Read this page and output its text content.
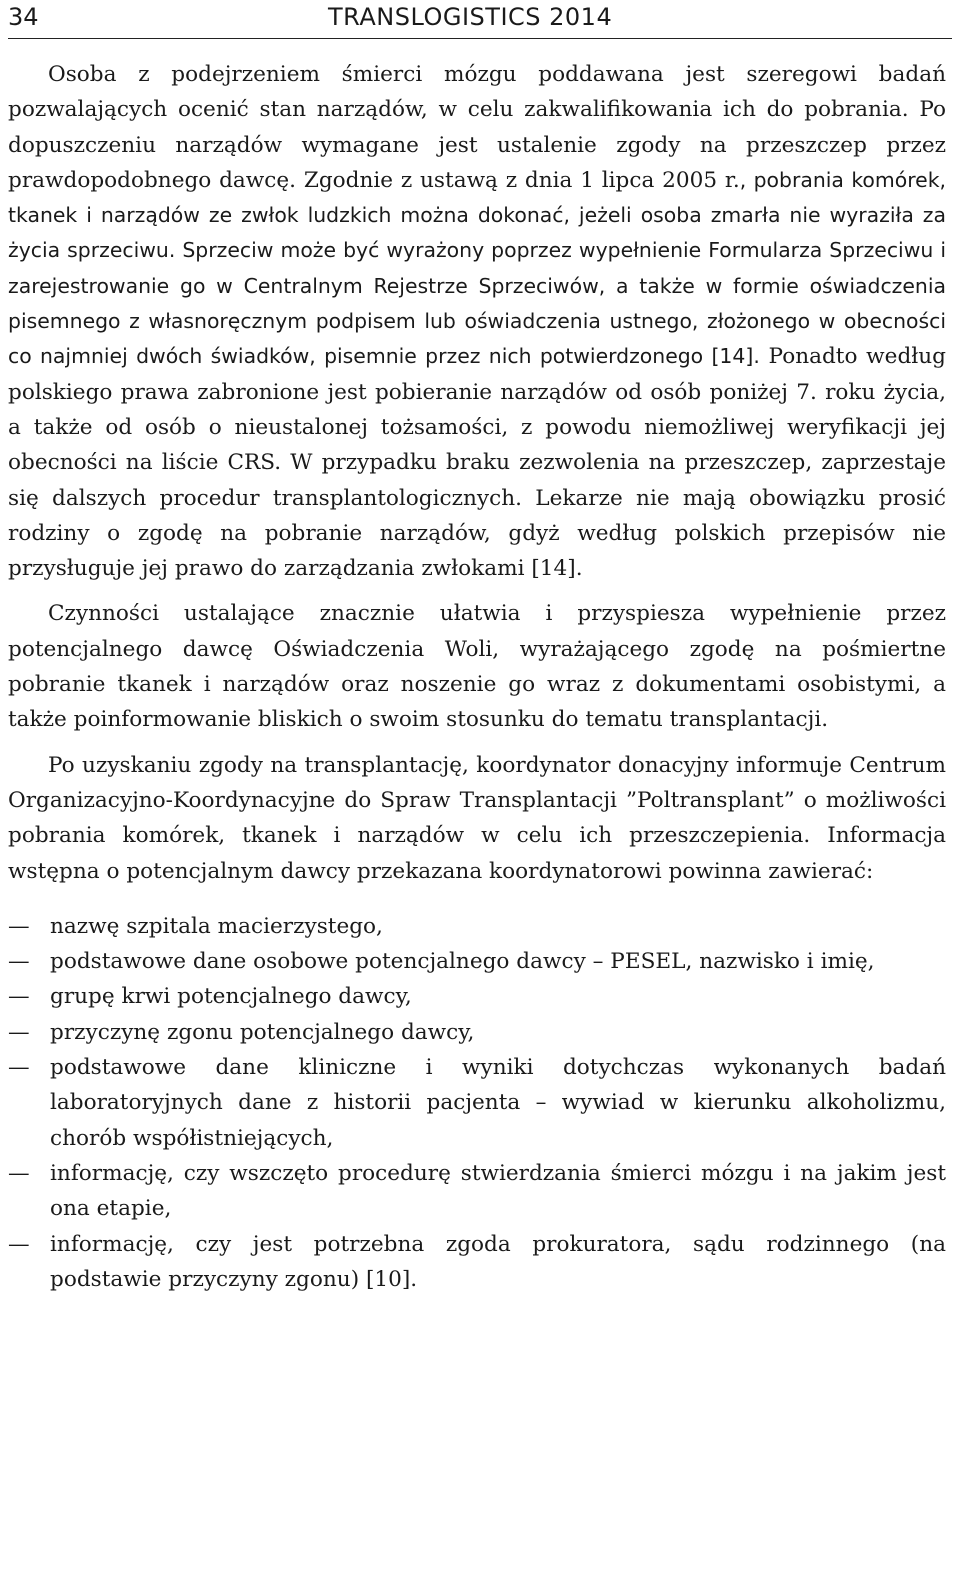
34	TRANSLOGISTICS 2014

Osoba z podejrzeniem śmierci mózgu poddawana jest szeregowi badań pozwalających ocenić stan narządów, w celu zakwalifikowania ich do pobrania. Po dopuszczeniu narządów wymagane jest ustalenie zgody na przeszczep przez prawdopodobnego dawcę. Zgodnie z ustawą z dnia 1 lipca 2005 r., pobrania komórek, tkanek i narządów ze zwłok ludzkich można dokonać, jeżeli osoba zmarła nie wyraziła za życia sprzeciwu. Sprzeciw może być wyrażony poprzez wypełnienie Formularza Sprzeciwu i zarejestrowanie go w Centralnym Rejestrze Sprzeciwów, a także w formie oświadczenia pisemnego z własnoręcznym podpisem lub oświadczenia ustnego, złożonego w obecności co najmniej dwóch świadków, pisemnie przez nich potwierdzonego [14]. Ponadto według polskiego prawa zabronione jest pobieranie narządów od osób poniżej 7. roku życia, a także od osób o nieustalonej tożsamości, z powodu niemożliwej weryfikacji jej obecności na liście CRS. W przypadku braku zezwolenia na przeszczep, zaprzestaje się dalszych procedur transplantologicznych. Lekarze nie mają obowiązku prosić rodziny o zgodę na pobranie narządów, gdyż według polskich przepisów nie przysługuje jej prawo do zarządzania zwłokami [14].

Czynności ustalające znacznie ułatwia i przyspiesza wypełnienie przez potencjalnego dawcę Oświadczenia Woli, wyrażającego zgodę na pośmiertne pobranie tkanek i narządów oraz noszenie go wraz z dokumentami osobistymi, a także poinformowanie bliskich o swoim stosunku do tematu transplantacji.

Po uzyskaniu zgody na transplantację, koordynator donacyjny informuje Centrum Organizacyjno-Koordynacyjne do Spraw Transplantacji ”Poltransplant” o możliwości pobrania komórek, tkanek i narządów w celu ich przeszczepienia. Informacja wstępna o potencjalnym dawcy przekazana koordynatorowi powinna zawierać:

— nazwę szpitala macierzystego,
— podstawowe dane osobowe potencjalnego dawcy – PESEL, nazwisko i imię,
— grupę krwi potencjalnego dawcy,
— przyczynę zgonu potencjalnego dawcy,
— podstawowe dane kliniczne i wyniki dotychczas wykonanych badań laboratoryjnych dane z historii pacjenta – wywiad w kierunku alkoholizmu, chorób współistniejących,
— informację, czy wszczęto procedurę stwierdzania śmierci mózgu i na jakim jest ona etapie,
— informację, czy jest potrzebna zgoda prokuratora, sądu rodzinnego (na podstawie przyczyny zgonu) [10].
